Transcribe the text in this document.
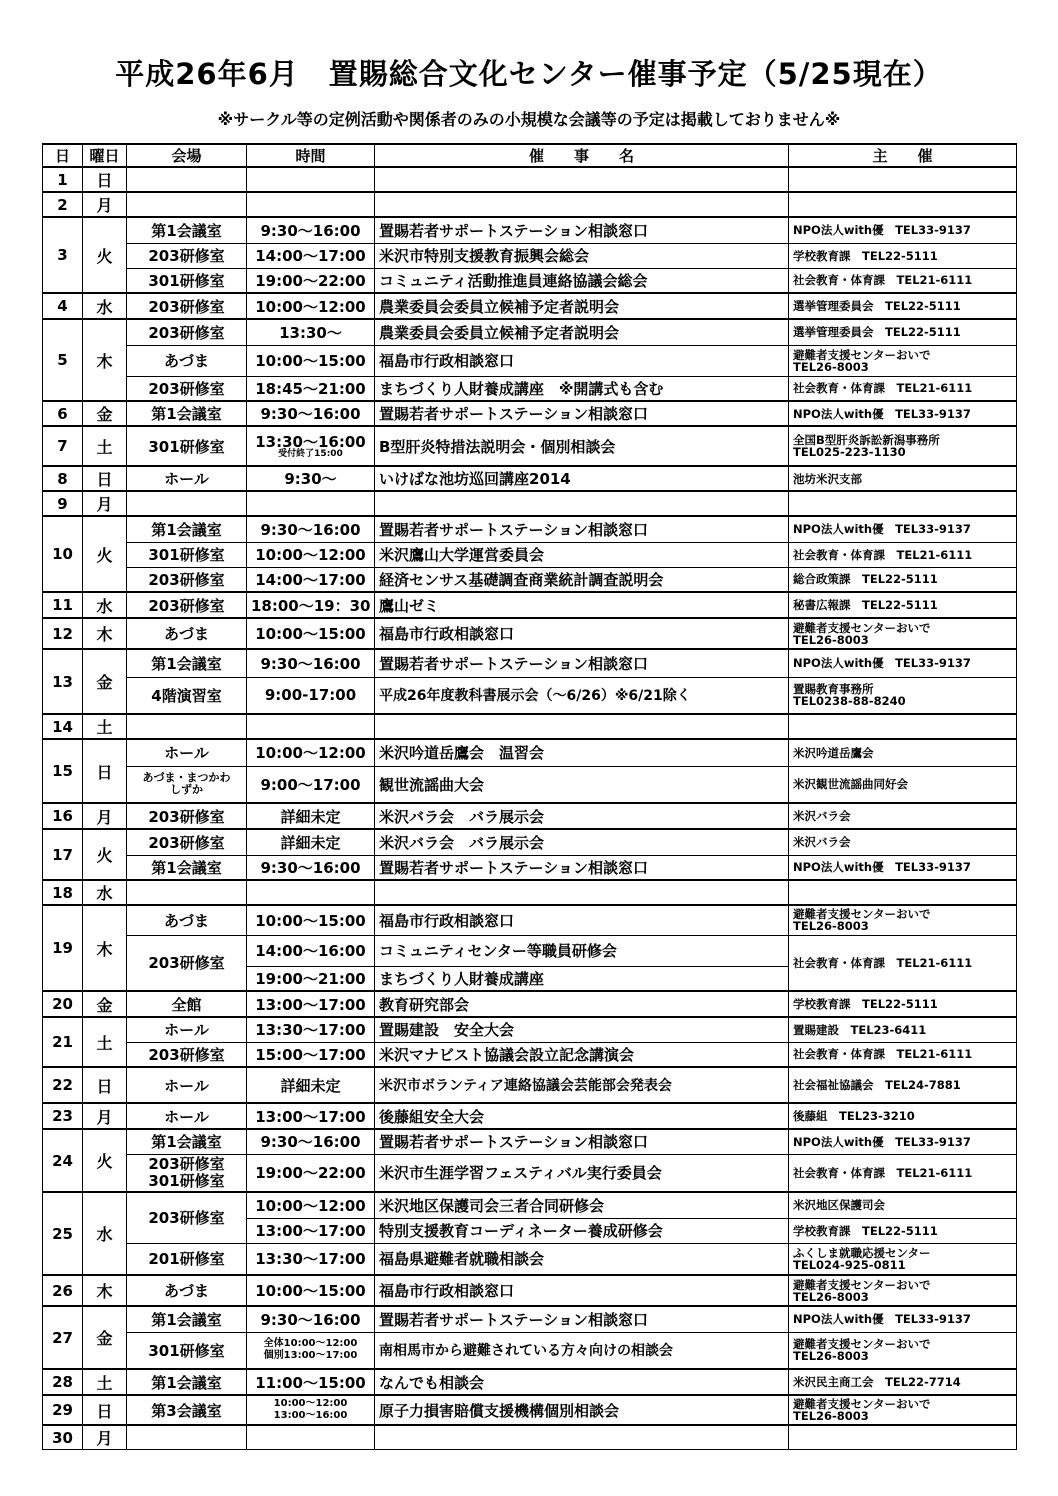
平成26年6月　置賜総合文化センター催事予定（5/25現在）
※サークル等の定例活動や関係者のみの小規模な会議等の予定は掲載しておりません※
日	曜日	会場	時間	催　　事　　名	主　　催
1	日				
2	月				
3	火	第1会議室	9:30～16:00	置賜若者サポートステーション相談窓口	NPO法人with優　TEL33-9137
		203研修室	14:00～17:00	米沢市特別支援教育振興会総会	学校教育課　TEL22-5111
		301研修室	19:00～22:00	コミュニティ活動推進員連絡協議会総会	社会教育・体育課　TEL21-6111
4	水	203研修室	10:00～12:00	農業委員会委員立候補予定者説明会	選挙管理委員会　TEL22-5111
5	木	203研修室	13:30～	農業委員会委員立候補予定者説明会	選挙管理委員会　TEL22-5111
		あづま	10:00～15:00	福島市行政相談窓口	避難者支援センターおいで
TEL26-8003
		203研修室	18:45～21:00	まちづくり人財養成講座　※開講式も含む	社会教育・体育課　TEL21-6111
6	金	第1会議室	9:30～16:00	置賜若者サポートステーション相談窓口	NPO法人with優　TEL33-9137
7	土	301研修室	13:30～16:00

受付終了15:00	B型肝炎特措法説明会・個別相談会	全国B型肝炎訴訟新潟事務所
TEL025-223-1130
8	日	ホール	9:30～	いけばな池坊巡回講座2014	池坊米沢支部
9	月				
10	火	第1会議室	9:30～16:00	置賜若者サポートステーション相談窓口	NPO法人with優　TEL33-9137
		301研修室	10:00～12:00	米沢鷹山大学運営委員会	社会教育・体育課　TEL21-6111
		203研修室	14:00～17:00	経済センサス基礎調査商業統計調査説明会	総合政策課　TEL22-5111
11	水	203研修室	18:00～19：30	鷹山ゼミ	秘書広報課　TEL22-5111
12	木	あづま	10:00～15:00	福島市行政相談窓口	避難者支援センターおいで
TEL26-8003
13	金	第1会議室	9:30～16:00	置賜若者サポートステーション相談窓口	NPO法人with優　TEL33-9137
		4階演習室	9:00-17:00	平成26年度教科書展示会（～6/26）※6/21除く	置賜教育事務所
TEL0238-88-8240
14	土				
15	日	ホール	10:00～12:00	米沢吟道岳鷹会　温習会	米沢吟道岳鷹会
		あづま・まつかわ
しずか	9:00～17:00	観世流謡曲大会	米沢観世流謡曲同好会
16	月	203研修室	詳細未定	米沢バラ会　バラ展示会	米沢バラ会
17	火	203研修室	詳細未定	米沢バラ会　バラ展示会	米沢バラ会
		第1会議室	9:30～16:00	置賜若者サポートステーション相談窓口	NPO法人with優　TEL33-9137
18	水				
19	木	あづま	10:00～15:00	福島市行政相談窓口	避難者支援センターおいで
TEL26-8003
		203研修室	14:00～16:00	コミュニティセンター等職員研修会	社会教育・体育課　TEL21-6111
			19:00～21:00	まちづくり人財養成講座	
20	金	全館	13:00～17:00	教育研究部会	学校教育課　TEL22-5111
21	土	ホール	13:30～17:00	置賜建設　安全大会	置賜建設　TEL23-6411
		203研修室	15:00～17:00	米沢マナビスト協議会設立記念講演会	社会教育・体育課　TEL21-6111
22	日	ホール	詳細未定	米沢市ボランティア連絡協議会芸能部会発表会	社会福祉協議会　TEL24-7881
23	月	ホール	13:00～17:00	後藤組安全大会	後藤組　TEL23-3210
24	火	第1会議室	9:30～16:00	置賜若者サポートステーション相談窓口	NPO法人with優　TEL33-9137
		203研修室
301研修室	19:00～22:00	米沢市生涯学習フェスティバル実行委員会	社会教育・体育課　TEL21-6111
25	水	203研修室	10:00～12:00	米沢地区保護司会三者合同研修会	米沢地区保護司会
			13:00～17:00	特別支援教育コーディネーター養成研修会	学校教育課　TEL22-5111
		201研修室	13:30～17:00	福島県避難者就職相談会	ふくしま就職応援センター
TEL024-925-0811
26	木	あづま	10:00～15:00	福島市行政相談窓口	避難者支援センターおいで
TEL26-8003
27	金	第1会議室	9:30～16:00	置賜若者サポートステーション相談窓口	NPO法人with優　TEL33-9137
		301研修室	全体10:00～12:00
個別13:00～17:00	南相馬市から避難されている方々向けの相談会	避難者支援センターおいで
TEL26-8003
28	土	第1会議室	11:00～15:00	なんでも相談会	米沢民主商工会　TEL22-7714
29	日	第3会議室	10:00～12:00
13:00～16:00	原子力損害賠償支援機構個別相談会	避難者支援センターおいで
TEL26-8003
30	月				
